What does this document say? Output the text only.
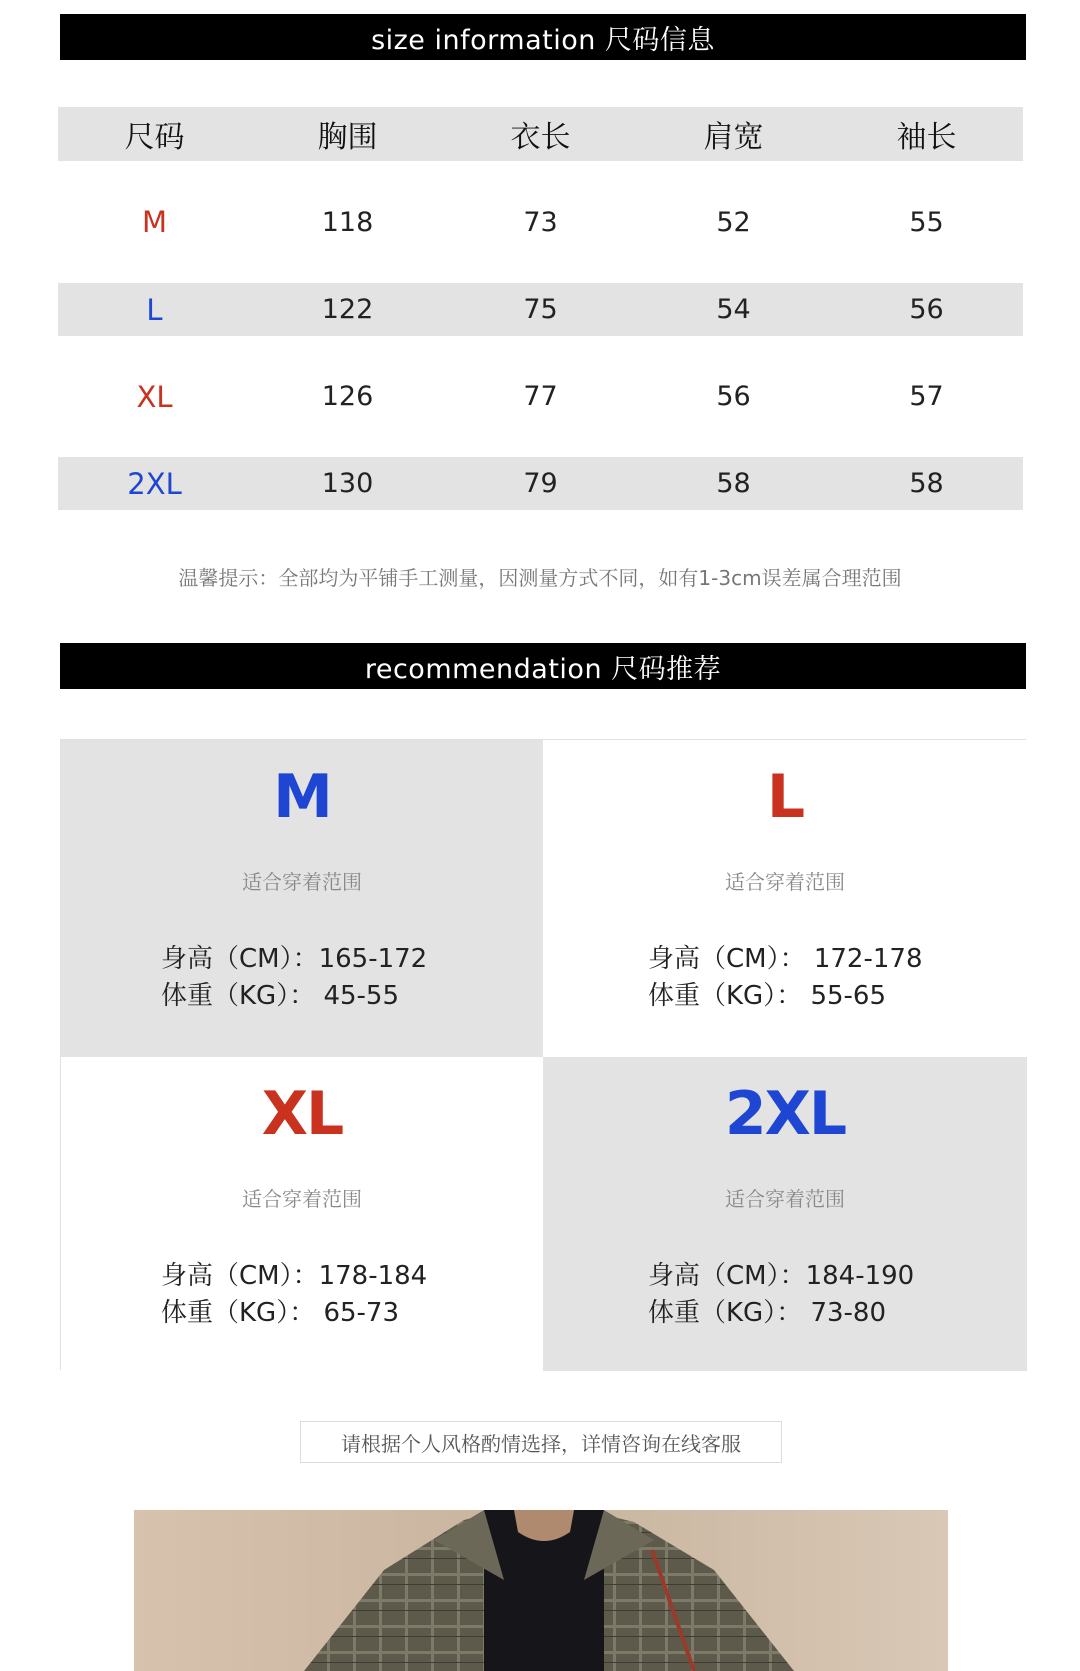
size information 尺码信息
尺码	胸围	衣长	肩宽	袖长
M	118	73	52	55
L	122	75	54	56
XL	126	77	56	57
2XL	130	79	58	58
温馨提示：全部均为平铺手工测量，因测量方式不同，如有1-3cm误差属合理范围
recommendation 尺码推荐
M
适合穿着范围
身高（CM）：165-172
体重（KG）： 45-55
L
适合穿着范围
身高（CM）： 172-178
体重（KG）： 55-65
XL
适合穿着范围
身高（CM）：178-184
体重（KG）： 65-73
2XL
适合穿着范围
身高（CM）：184-190
体重（KG）： 73-80
请根据个人风格酌情选择，详情咨询在线客服
